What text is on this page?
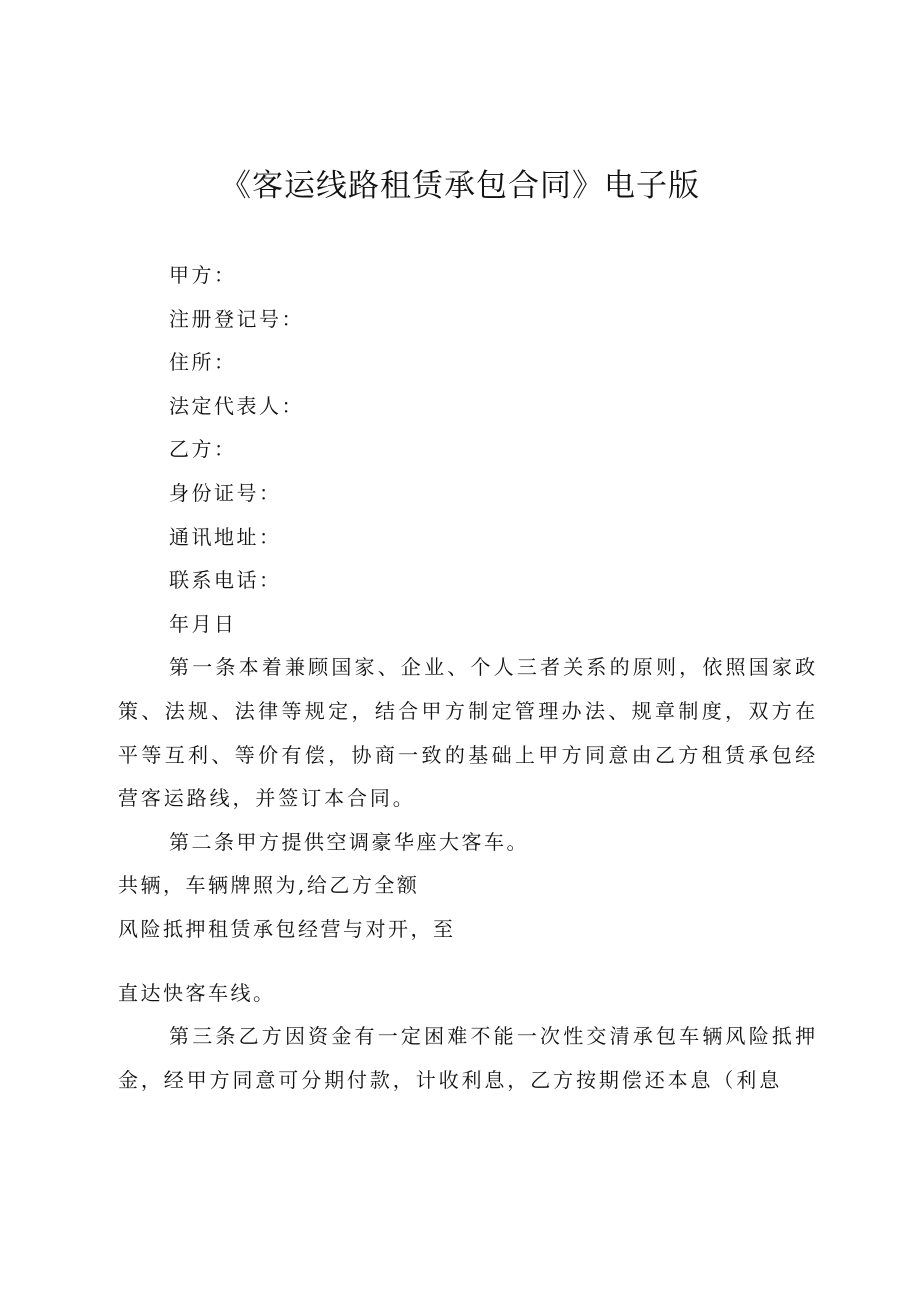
《客运线路租赁承包合同》电子版
甲方：
注册登记号：
住所：
法定代表人：
乙方：
身份证号：
通讯地址：
联系电话：
年月日

第一条本着兼顾国家、企业、个人三者关系的原则，依照国家政策、法规、法律等规定，结合甲方制定管理办法、规章制度，双方在平等互利、等价有偿，协商一致的基础上甲方同意由乙方租赁承包经营客运路线，并签订本合同。

第二条甲方提供空调豪华座大客车。
共辆，车辆牌照为,给乙方全额
风险抵押租赁承包经营与对开，至
直达快客车线。

第三条乙方因资金有一定困难不能一次性交清承包车辆风险抵押金，经甲方同意可分期付款，计收利息，乙方按期偿还本息（利息
